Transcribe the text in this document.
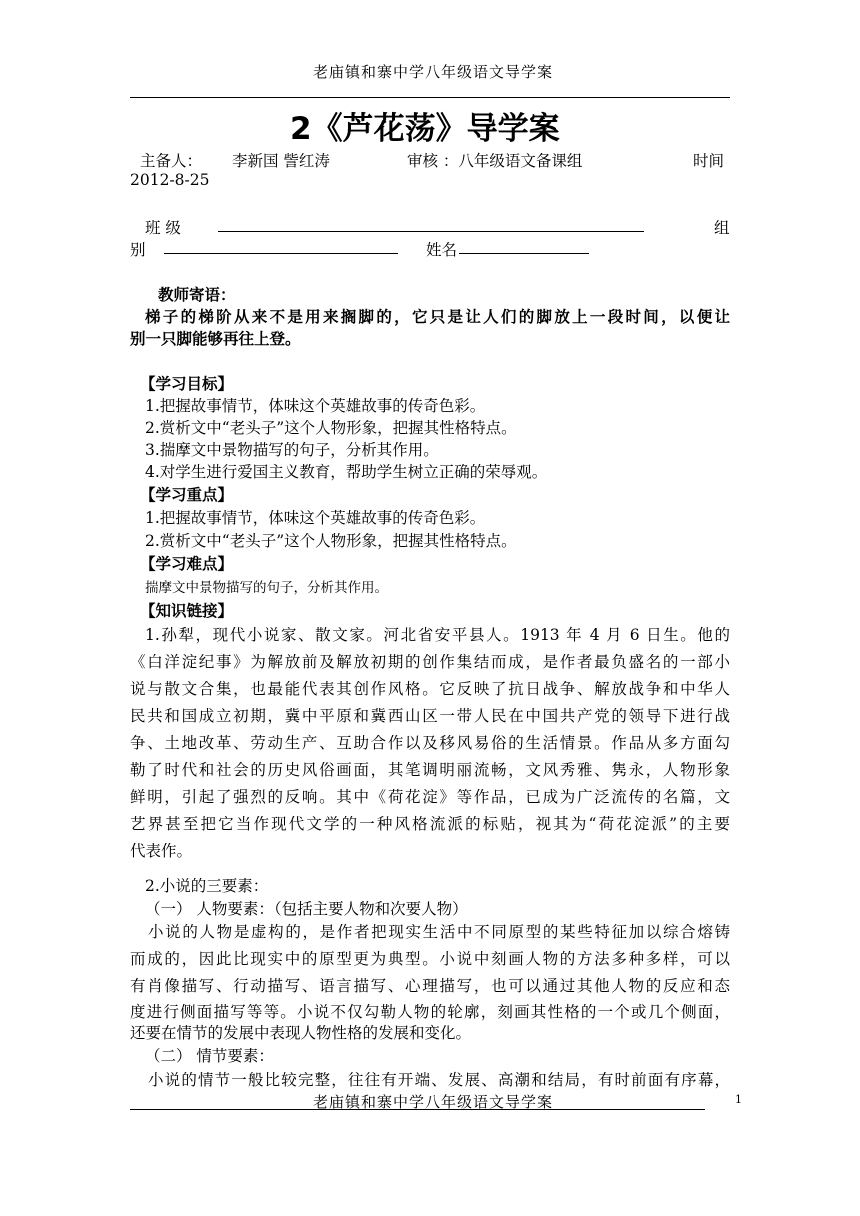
老庙镇和寨中学八年级语文导学案
2《芦花荡》导学案
主备人： 李新国 訾红涛	审核 ：八年级语文备课组	时间
2012-8-25
班 级	组
别	姓名
教师寄语：
梯子的梯阶从来不是用来搁脚的，它只是让人们的脚放上一段时间，以便让
别一只脚能够再往上登。
【学习目标】
1.把握故事情节，体味这个英雄故事的传奇色彩。
2.赏析文中“老头子”这个人物形象，把握其性格特点。
3.揣摩文中景物描写的句子，分析其作用。
4.对学生进行爱国主义教育，帮助学生树立正确的荣辱观。
【学习重点】
1.把握故事情节，体味这个英雄故事的传奇色彩。
2.赏析文中“老头子”这个人物形象，把握其性格特点。
【学习难点】
揣摩文中景物描写的句子，分析其作用。
【知识链接】
1.孙犁，现代小说家、散文家。河北省安平县人。1913 年 4 月 6 日生。他的
《白洋淀纪事》为解放前及解放初期的创作集结而成，是作者最负盛名的一部小
说与散文合集，也最能代表其创作风格。它反映了抗日战争、解放战争和中华人
民共和国成立初期，冀中平原和冀西山区一带人民在中国共产党的领导下进行战
争、土地改革、劳动生产、互助合作以及移风易俗的生活情景。作品从多方面勾
勒了时代和社会的历史风俗画面，其笔调明丽流畅，文风秀雅、隽永，人物形象
鲜明，引起了强烈的反响。其中《荷花淀》等作品，已成为广泛流传的名篇，文
艺界甚至把它当作现代文学的一种风格流派的标贴，视其为“荷花淀派”的主要
代表作。
2.小说的三要素：
（一） 人物要素：（包括主要人物和次要人物）
小说的人物是虚构的，是作者把现实生活中不同原型的某些特征加以综合熔铸
而成的，因此比现实中的原型更为典型。小说中刻画人物的方法多种多样，可以
有肖像描写、行动描写、语言描写、心理描写，也可以通过其他人物的反应和态
度进行侧面描写等等。小说不仅勾勒人物的轮廓，刻画其性格的一个或几个侧面，
还要在情节的发展中表现人物性格的发展和变化。
（二） 情节要素：
小说的情节一般比较完整，往往有开端、发展、高潮和结局，有时前面有序幕，
老庙镇和寨中学八年级语文导学案	1
